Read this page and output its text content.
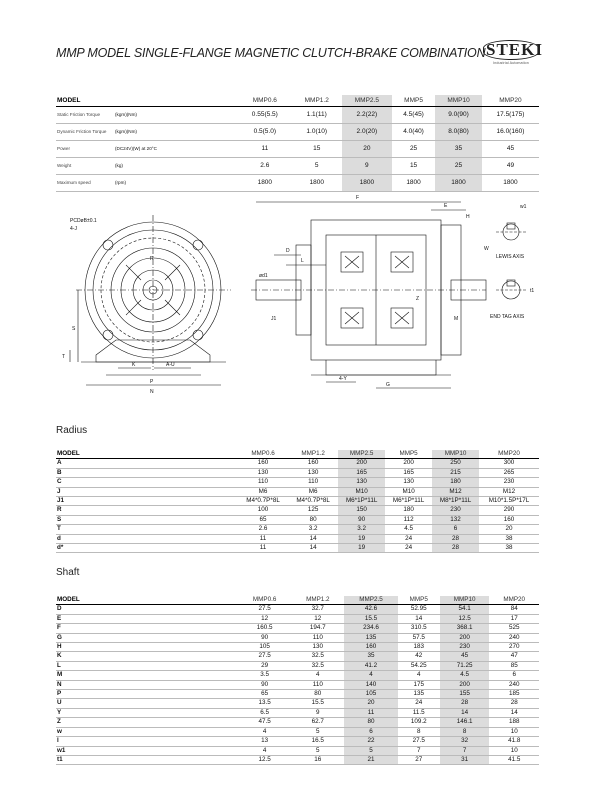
MMP MODEL SINGLE-FLANGE MAGNETIC CLUTCH-BRAKE COMBINATION STEKI
Industrial Automation
MODEL	MMP0.6	MMP1.2	MMP2.5	MMP5	MMP10	MMP20
Static Friction Torque (kgm)(Nm)	0.55(5.5)	1.1(11)	2.2(22)	4.5(45)	9.0(90)	17.5(175)
Dynamic Friction Torque (kgm)(Nm)	0.5(5.0)	1.0(10)	2.0(20)	4.0(40)	8.0(80)	16.0(160)
Power (DC24V)(W) at 20°C	11	15	20	25	35	45
Weight (kg)	2.6	5	9	15	25	49
Maximum speed (rpm)	1800	1800	1800	1800	1800	1800
PCDøB±0.1
4-J
R
P
N
K	A-U
S
T
F
E
H
D
L
Z
M
ød1
J1
4-Y
G
w1
W
LEWIS AXIS
t1
END TAG AXIS
Radius
MODEL	MMP0.6	MMP1.2	MMP2.5	MMP5	MMP10	MMP20
A	160	160	200	200	250	300
B	130	130	165	165	215	265
C	110	110	130	130	180	230
J	M6	M6	M10	M10	M12	M12
J1	M4*0.7P*8L	M4*0.7P*8L	M6*1P*11L	M6*1P*11L	M8*1P*11L	M10*1.5P*17L
R	100	125	150	180	230	290
S	65	80	90	112	132	160
T	2.6	3.2	3.2	4.5	6	20
d	11	14	19	24	28	38
d*	11	14	19	24	28	38
Shaft
MODEL	MMP0.6	MMP1.2	MMP2.5	MMP5	MMP10	MMP20
D	27.5	32.7	42.6	52.95	54.1	84
E	12	12	15.5	14	12.5	17
F	160.5	194.7	234.6	310.5	368.1	525
G	90	110	135	57.5	200	240
H	105	130	160	183	230	270
K	27.5	32.5	35	42	45	47
L	29	32.5	41.2	54.25	71.25	85
M	3.5	4	4	4	4.5	6
N	90	110	140	175	200	240
P	65	80	105	135	155	185
U	13.5	15.5	20	24	28	28
Y	6.5	9	11	11.5	14	14
Z	47.5	62.7	80	109.2	146.1	188
w	4	5	6	8	8	10
l	13	16.5	22	27.5	32	41.8
w1	4	5	5	7	7	10
t1	12.5	16	21	27	31	41.5
